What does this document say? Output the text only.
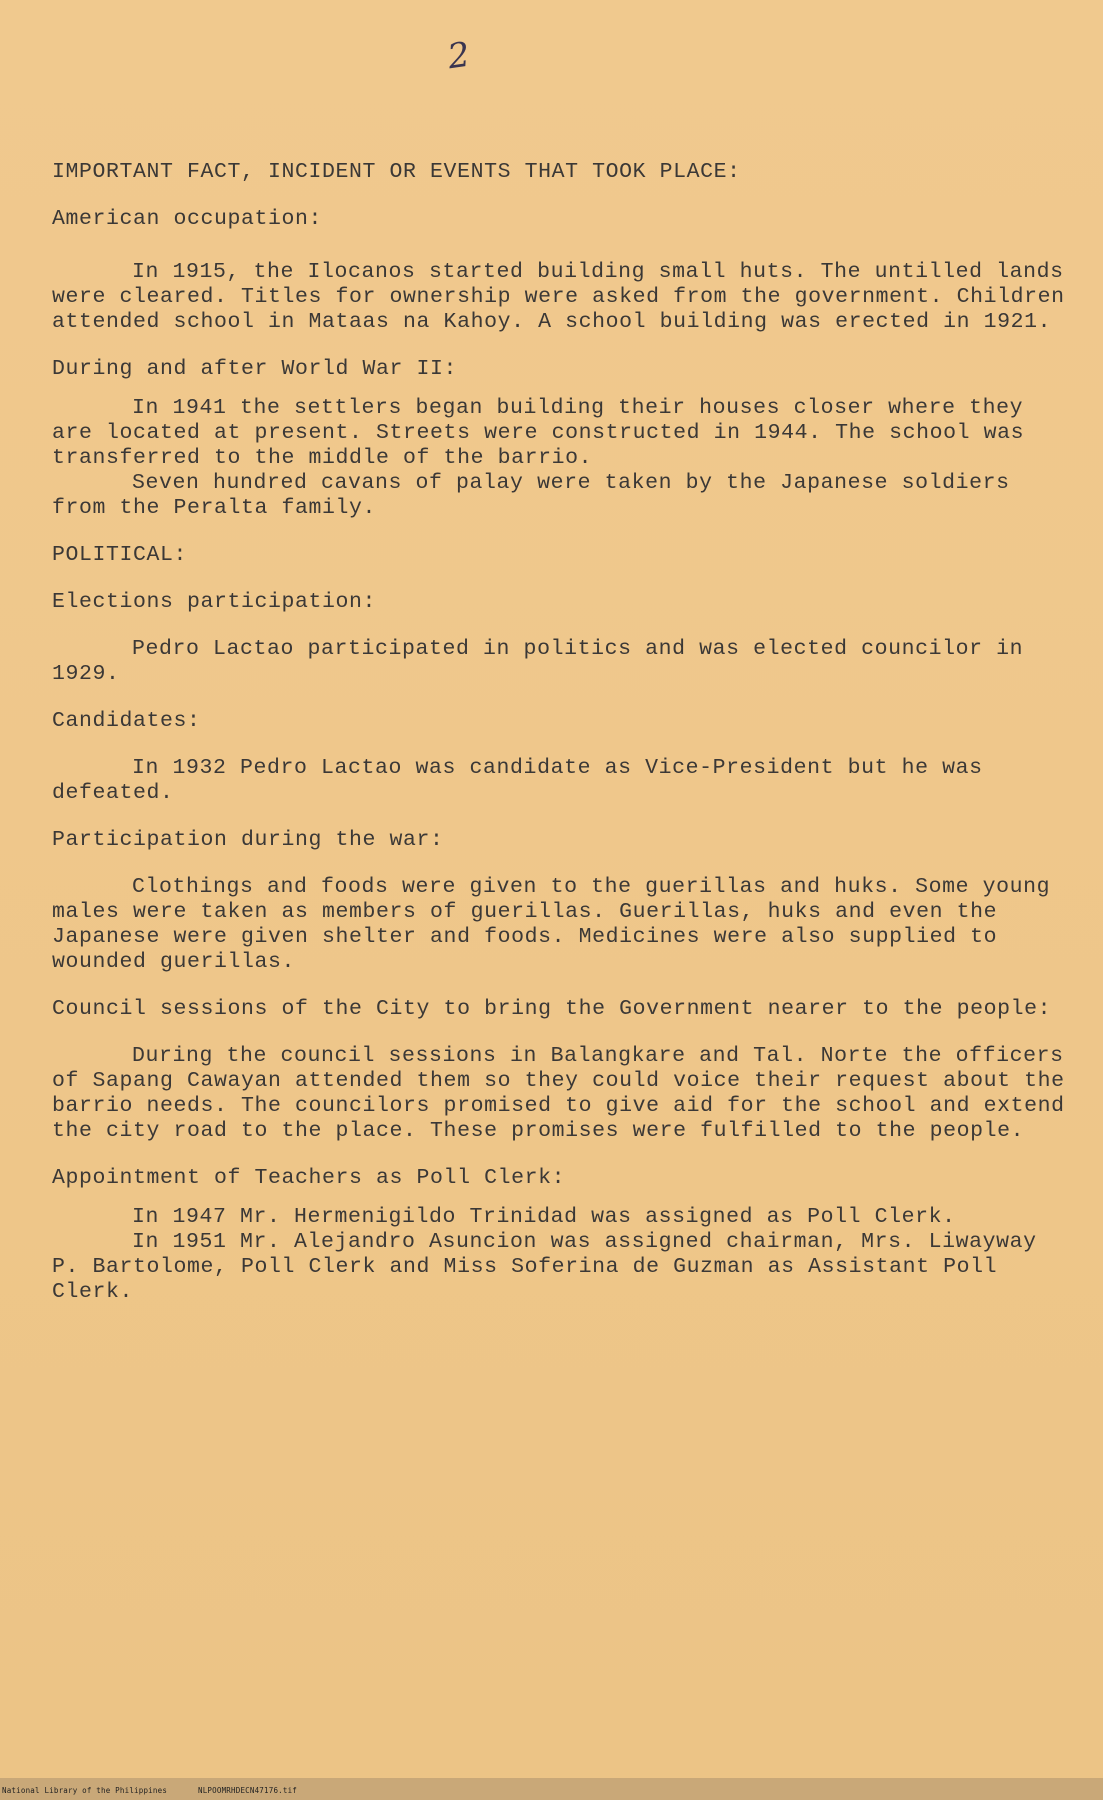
2

IMPORTANT FACT, INCIDENT OR EVENTS THAT TOOK PLACE:

American occupation:

In 1915, the Ilocanos started building small huts. The untilled lands were cleared. Titles for ownership were asked from the government. Children attended school in Mataas na Kahoy. A school building was erected in 1921.

During and after World War II:

In 1941 the settlers began building their houses closer where they are located at present. Streets were constructed in 1944. The school was transferred to the middle of the barrio.

Seven hundred cavans of palay were taken by the Japanese soldiers from the Peralta family.

POLITICAL:

Elections participation:

Pedro Lactao participated in politics and was elected councilor in 1929.

Candidates:

In 1932 Pedro Lactao was candidate as Vice-President but he was defeated.

Participation during the war:

Clothings and foods were given to the guerillas and huks. Some young males were taken as members of guerillas. Guerillas, huks and even the Japanese were given shelter and foods. Medicines were also supplied to wounded guerillas.

Council sessions of the City to bring the Government nearer to the people:

During the council sessions in Balangkare and Tal. Norte the officers of Sapang Cawayan attended them so they could voice their request about the barrio needs. The councilors promised to give aid for the school and extend the city road to the place. These promises were fulfilled to the people.

Appointment of Teachers as Poll Clerk:

In 1947 Mr. Hermenigildo Trinidad was assigned as Poll Clerk.

In 1951 Mr. Alejandro Asuncion was assigned chairman, Mrs. Liwayway P. Bartolome, Poll Clerk and Miss Soferina de Guzman as Assistant Poll Clerk.

National Library of the Philippines	NLPOOMRHDECN47176.tif
